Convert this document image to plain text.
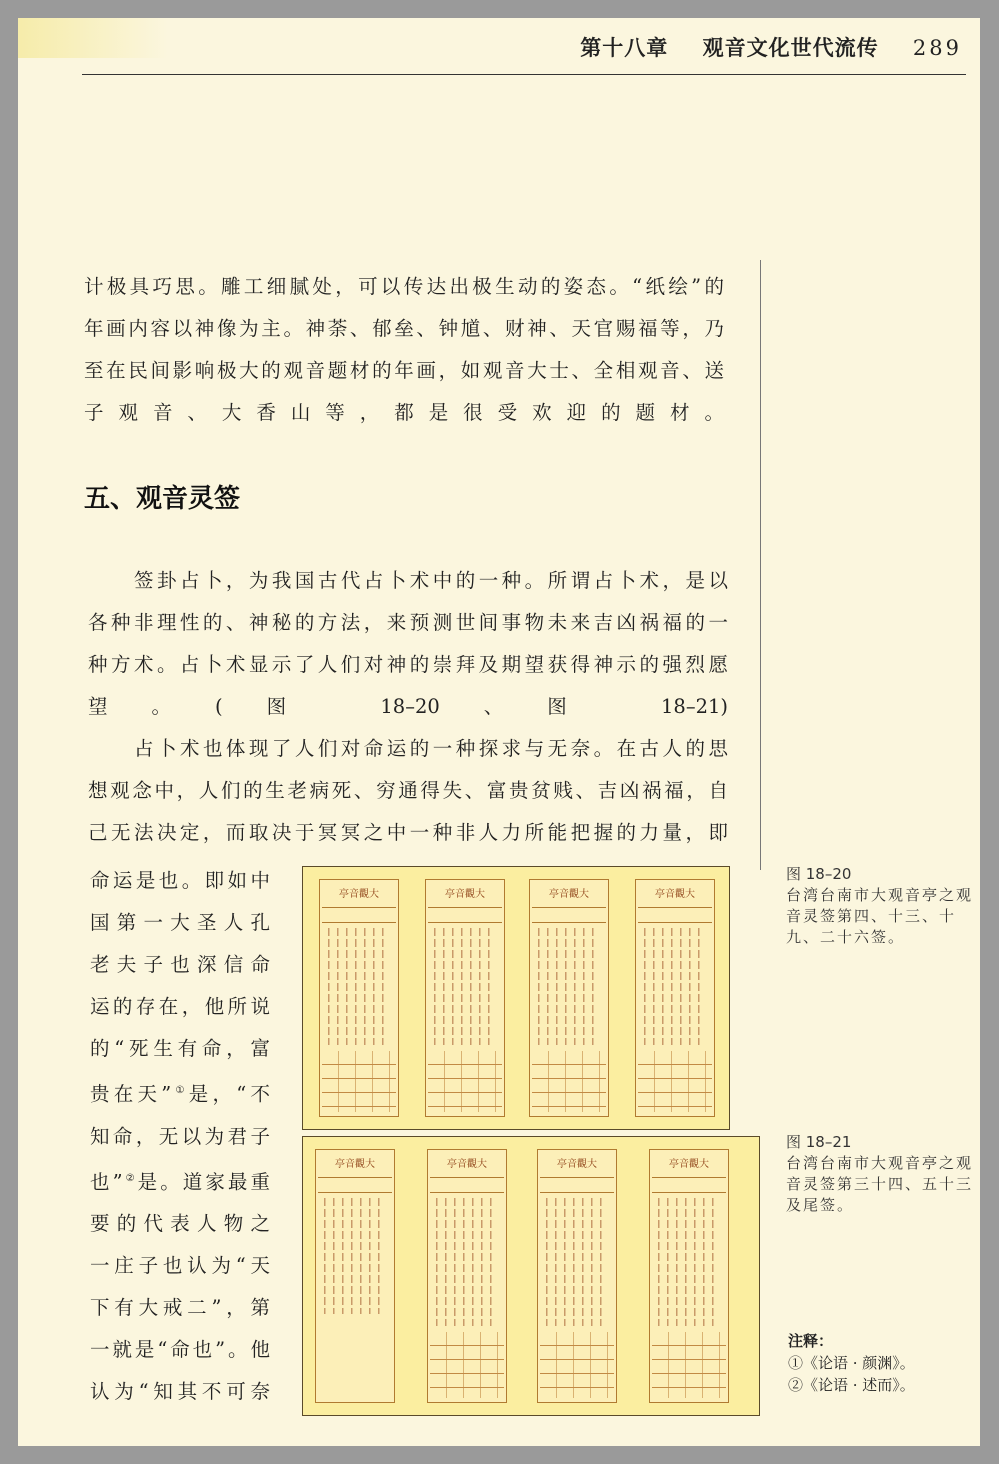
第十八章 观音文化世代流传 289
计极具巧思。雕工细腻处，可以传达出极生动的姿态。“纸绘”的
年画内容以神像为主。神荼、郁垒、钟馗、财神、天官赐福等，乃
至在民间影响极大的观音题材的年画，如观音大士、全相观音、送
子观音、大香山等，都是很受欢迎的题材。
五、观音灵签
签卦占卜，为我国古代占卜术中的一种。所谓占卜术，是以
各种非理性的、神秘的方法，来预测世间事物未来吉凶祸福的一
种方术。占卜术显示了人们对神的崇拜及期望获得神示的强烈愿
望。(图 18–20、图 18–21)
占卜术也体现了人们对命运的一种探求与无奈。在古人的思
想观念中，人们的生老病死、穷通得失、富贵贫贱、吉凶祸福，自
己无法决定，而取决于冥冥之中一种非人力所能把握的力量，即
命运是也。即如中
国第一大圣人孔
老夫子也深信命
运的存在，他所说
的“死生有命，富
贵在天”①是，“不
知命，无以为君子
也”②是。道家最重
要的代表人物之
一庄子也认为“天
下有大戒二”，第
一就是“命也”。他
认为“知其不可奈
亭音觀大	亭音觀大	亭音觀大	亭音觀大
亭音觀大	亭音觀大	亭音觀大	亭音觀大
图 18–20
台湾台南市大观音亭之观音灵签第四、十三、十九、二十六签。
图 18–21
台湾台南市大观音亭之观音灵签第三十四、五十三及尾签。
注释：
①《论语 · 颜渊》。
②《论语 · 述而》。
